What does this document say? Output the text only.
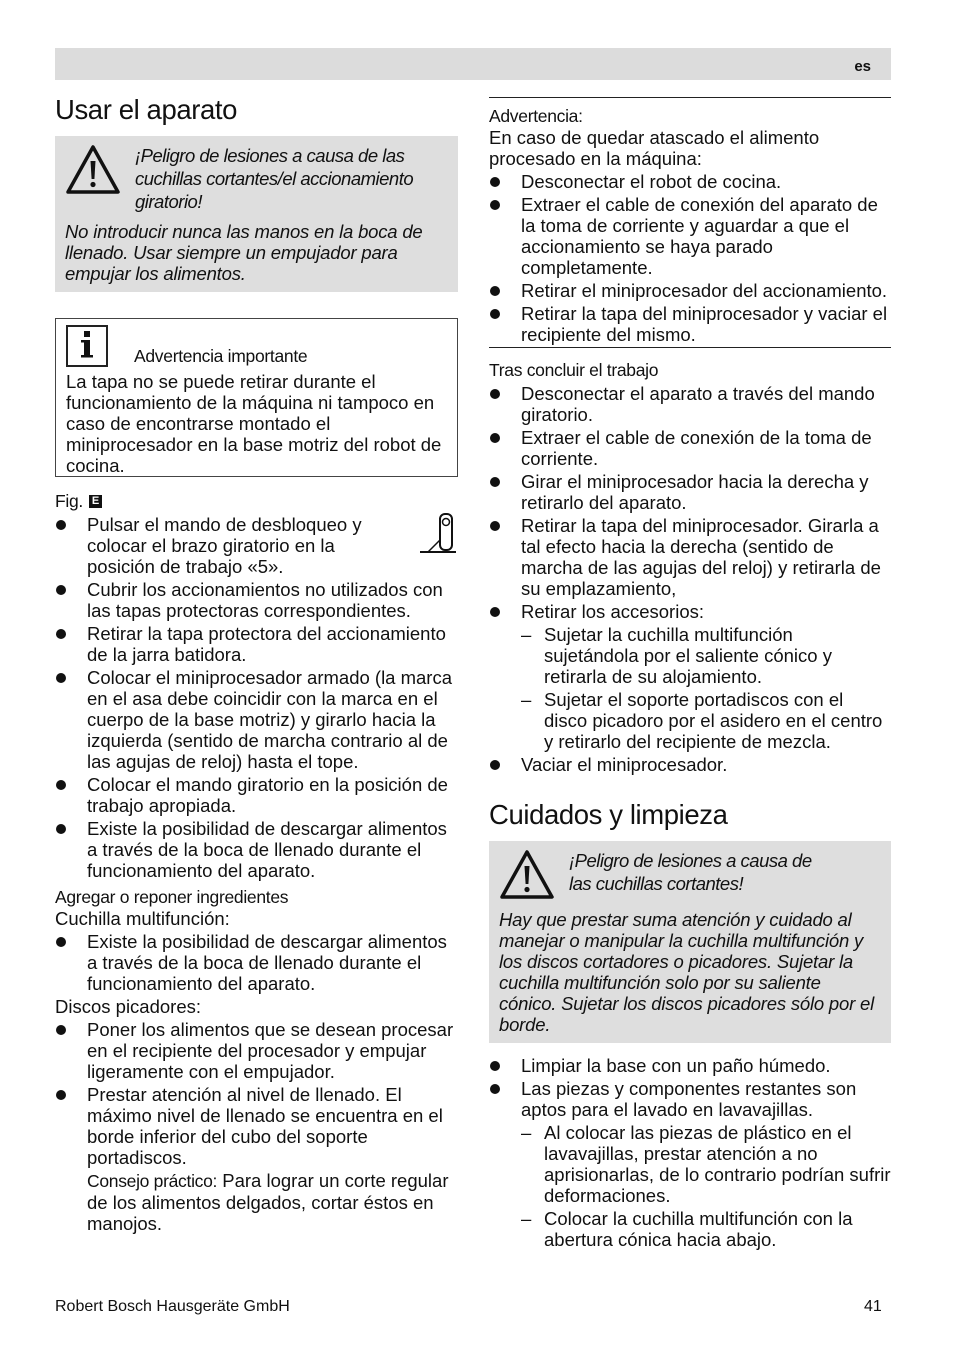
es
Usar el aparato
¡Peligro de lesiones a causa de las cuchillas cortantes/el accionamiento giratorio!
No introducir nunca las manos en la boca de llenado. Usar siempre un empujador para empujar los alimentos.
Advertencia importante

La tapa no se puede retirar durante el funcionamiento de la máquina ni tampoco en caso de encontrarse montado el miniprocesador en la base motriz del robot de cocina.

Fig. E
Pulsar el mando de desbloqueo y colocar el brazo giratorio en la posición de trabajo «5».
Cubrir los accionamientos no utilizados con las tapas protectoras correspondientes.
Retirar la tapa protectora del accionamiento de la jarra batidora.
Colocar el miniprocesador armado (la marca en el asa debe coincidir con la marca en el cuerpo de la base motriz) y girarlo hacia la izquierda (sentido de marcha contrario al de las agujas de reloj) hasta el tope.
Colocar el mando giratorio en la posición de trabajo apropiada.
Existe la posibilidad de descargar alimentos a través de la boca de llenado durante el funcionamiento del aparato.
Agregar o reponer ingredientes

Cuchilla multifunción:

Existe la posibilidad de descargar alimentos a través de la boca de llenado durante el funcionamiento del aparato.

Discos picadores:

Poner los alimentos que se desean procesar en el recipiente del procesador y empujar ligeramente con el empujador.
Prestar atención al nivel de llenado. El máximo nivel de llenado se encuentra en el borde inferior del cubo del soporte portadiscos.

Consejo práctico: Para lograr un corte regular de los alimentos delgados, cortar éstos en manojos.

Advertencia:

En caso de quedar atascado el alimento procesado en la máquina:

Desconectar el robot de cocina.
Extraer el cable de conexión del aparato de la toma de corriente y aguardar a que el accionamiento se haya parado completamente.
Retirar el miniprocesador del accionamiento.
Retirar la tapa del miniprocesador y vaciar el recipiente del mismo.
Tras concluir el trabajo
Desconectar el aparato a través del mando giratorio.
Extraer el cable de conexión de la toma de corriente.
Girar el miniprocesador hacia la derecha y retirarlo del aparato.
Retirar la tapa del miniprocesador. Girarla a tal efecto hacia la derecha (sentido de marcha de las agujas del reloj) y retirarla de su emplazamiento,
Retirar los accesorios:
– Sujetar la cuchilla multifunción sujetándola por el saliente cónico y retirarla de su alojamiento.
– Sujetar el soporte portadiscos con el disco picadoro por el asidero en el centro y retirarlo del recipiente de mezcla.
Vaciar el miniprocesador.
Cuidados y limpieza
¡Peligro de lesiones a causa de las cuchillas cortantes!
Hay que prestar suma atención y cuidado al manejar o manipular la cuchilla multifunción y los discos cortadores o picadores. Sujetar la cuchilla multifunción solo por su saliente cónico. Sujetar los discos picadores sólo por el borde.
Limpiar la base con un paño húmedo.
Las piezas y componentes restantes son aptos para el lavado en lavavajillas.
– Al colocar las piezas de plástico en el lavavajillas, prestar atención a no aprisionarlas, de lo contrario podrían sufrir deformaciones.
– Colocar la cuchilla multifunción con la abertura cónica hacia abajo.
Robert Bosch Hausgeräte GmbH	41
